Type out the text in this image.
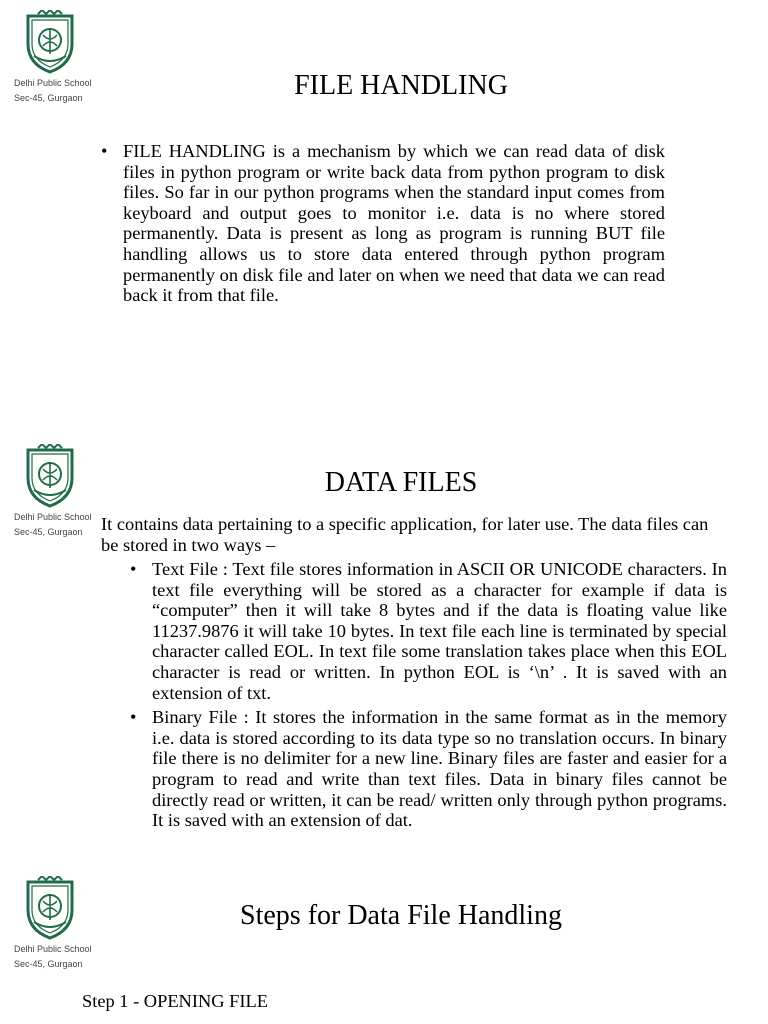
Delhi Public School
Sec-45, Gurgaon	FILE HANDLING
• FILE HANDLING is a mechanism by which we can read data of disk files in python program or write back data from python program to disk files. So far in our python programs when the standard input comes from keyboard and output goes to monitor i.e. data is no where stored permanently. Data is present as long as program is running BUT file handling allows us to store data entered through python program permanently on disk file and later on when we need that data we can read back it from that file.
Delhi Public School
Sec-45, Gurgaon
DATA FILES
It contains data pertaining to a specific application, for later use. The data files can be stored in two ways –
• Text File : Text file stores information in ASCII OR UNICODE characters. In text file everything will be stored as a character for example if data is “computer” then it will take 8 bytes and if the data is floating value like 11237.9876 it will take 10 bytes. In text file each line is terminated by special character called EOL. In text file some translation takes place when this EOL character is read or written. In python EOL is ‘\n’ . It is saved with an extension of txt.
• Binary File : It stores the information in the same format as in the memory i.e. data is stored according to its data type so no translation occurs. In binary file there is no delimiter for a new line. Binary files are faster and easier for a program to read and write than text files. Data in binary files cannot be directly read or written, it can be read/ written only through python programs. It is saved with an extension of dat.
Delhi Public School
Sec-45, Gurgaon
Steps for Data File Handling
Step 1 - OPENING FILE
